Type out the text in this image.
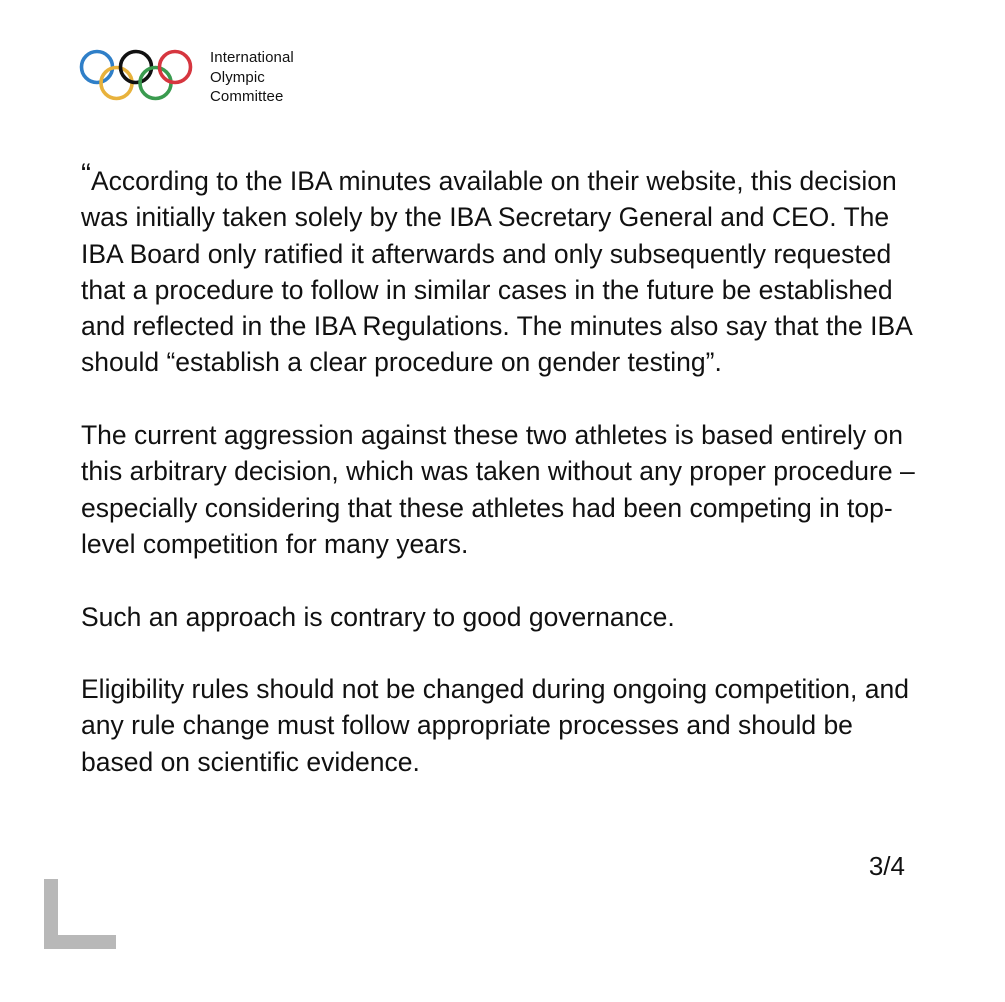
International
Olympic
Committee

“According to the IBA minutes available on their website, this decision was initially taken solely by the IBA Secretary General and CEO. The IBA Board only ratified it afterwards and only subsequently requested that a procedure to follow in similar cases in the future be established and reflected in the IBA Regulations. The minutes also say that the IBA should “establish a clear procedure on gender testing”.

The current aggression against these two athletes is based entirely on this arbitrary decision, which was taken without any proper procedure – especially considering that these athletes had been competing in top-level competition for many years.

Such an approach is contrary to good governance.

Eligibility rules should not be changed during ongoing competition, and any rule change must follow appropriate processes and should be based on scientific evidence.

3/4
